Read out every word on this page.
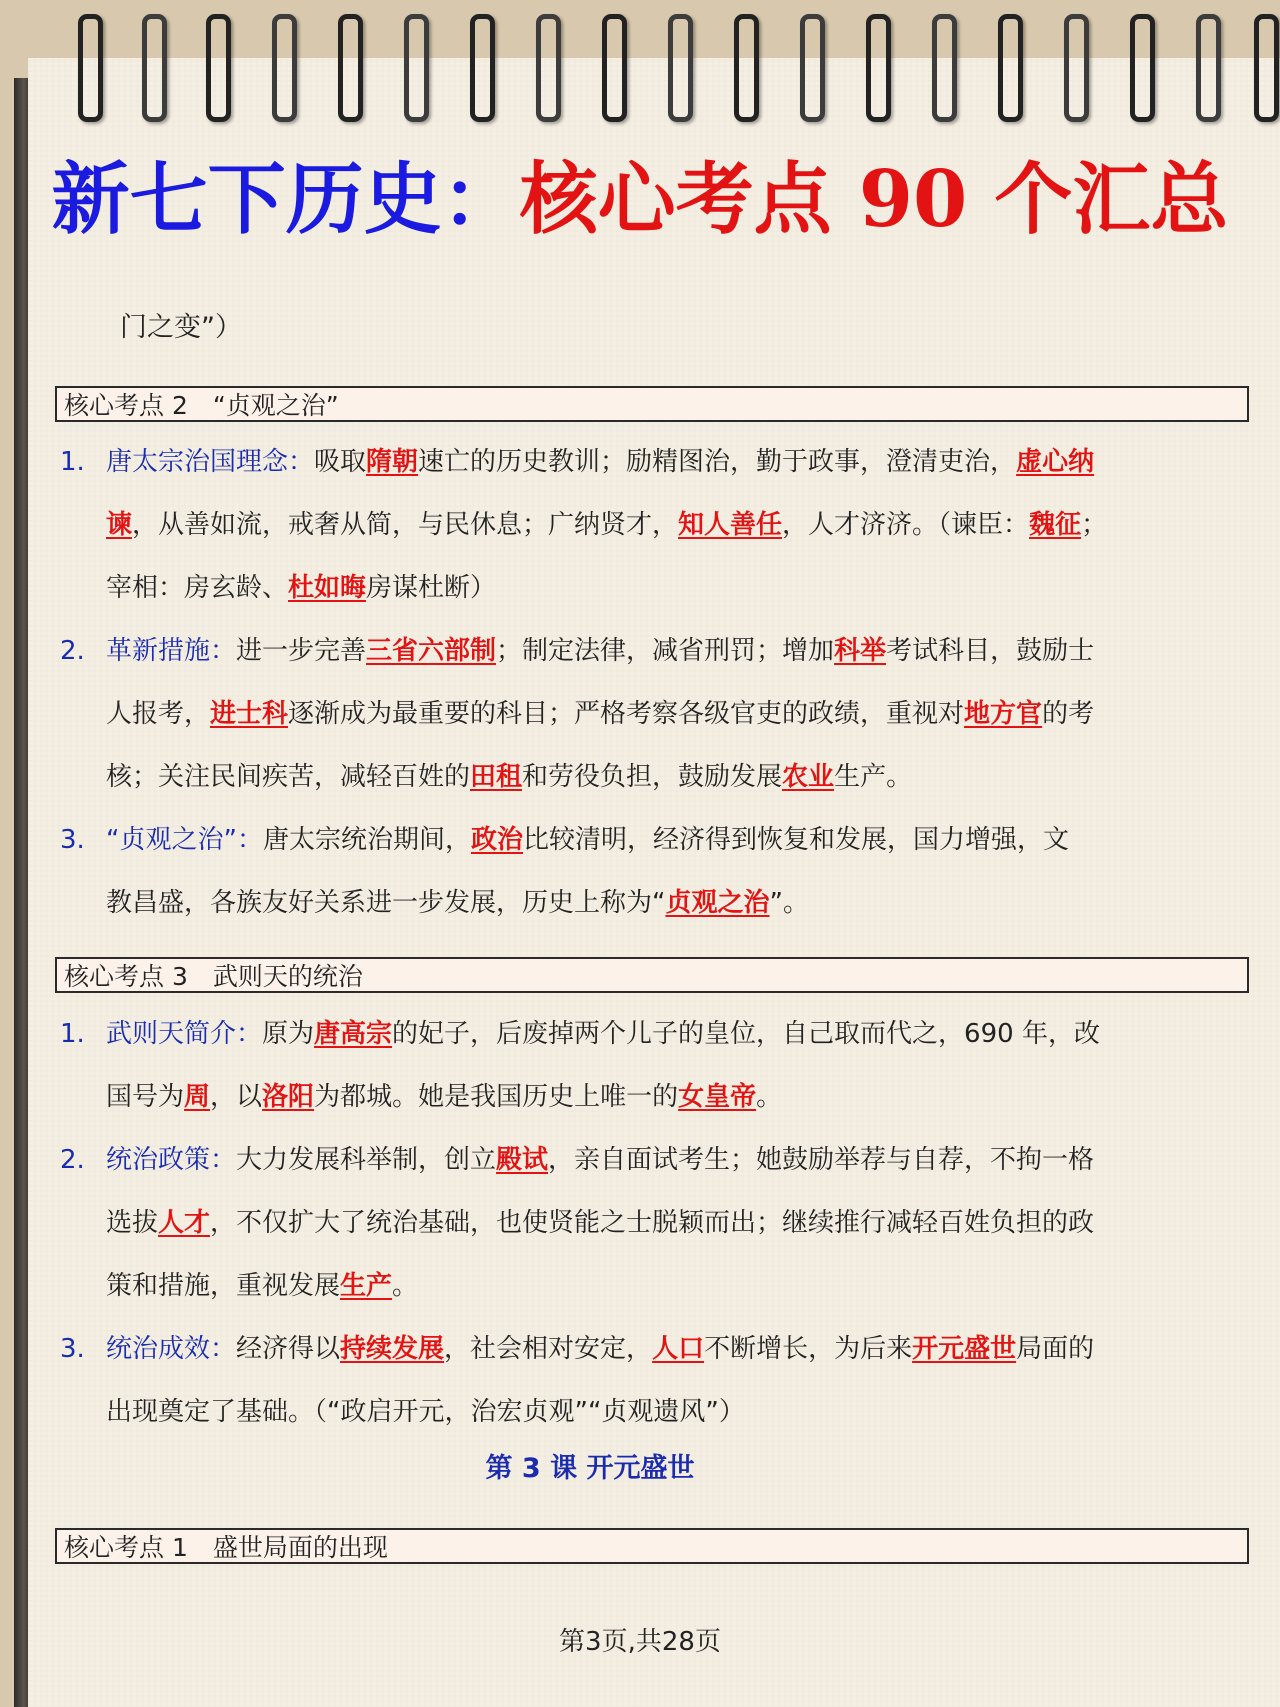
新七下历史：核心考点 90 个汇总
门之变”）
核心考点 2　“贞观之治”
1. 唐太宗治国理念：吸取隋朝速亡的历史教训；励精图治，勤于政事，澄清吏治，虚心纳
谏，从善如流，戒奢从简，与民休息；广纳贤才，知人善任，人才济济。（谏臣：魏征；
宰相：房玄龄、杜如晦房谋杜断）
2. 革新措施：进一步完善三省六部制；制定法律，减省刑罚；增加科举考试科目，鼓励士
人报考，进士科逐渐成为最重要的科目；严格考察各级官吏的政绩，重视对地方官的考
核；关注民间疾苦，减轻百姓的田租和劳役负担，鼓励发展农业生产。
3. “贞观之治”：唐太宗统治期间，政治比较清明，经济得到恢复和发展，国力增强，文
教昌盛，各族友好关系进一步发展，历史上称为“贞观之治”。
核心考点 3　武则天的统治
1. 武则天简介：原为唐高宗的妃子，后废掉两个儿子的皇位，自己取而代之，690 年，改
国号为周，以洛阳为都城。她是我国历史上唯一的女皇帝。
2. 统治政策：大力发展科举制，创立殿试，亲自面试考生；她鼓励举荐与自荐，不拘一格
选拔人才，不仅扩大了统治基础，也使贤能之士脱颖而出；继续推行减轻百姓负担的政
策和措施，重视发展生产。
3. 统治成效：经济得以持续发展，社会相对安定，人口不断增长，为后来开元盛世局面的
出现奠定了基础。（“政启开元，治宏贞观”“贞观遗风”）
第 3 课 开元盛世
核心考点 1　盛世局面的出现
第3页,共28页
